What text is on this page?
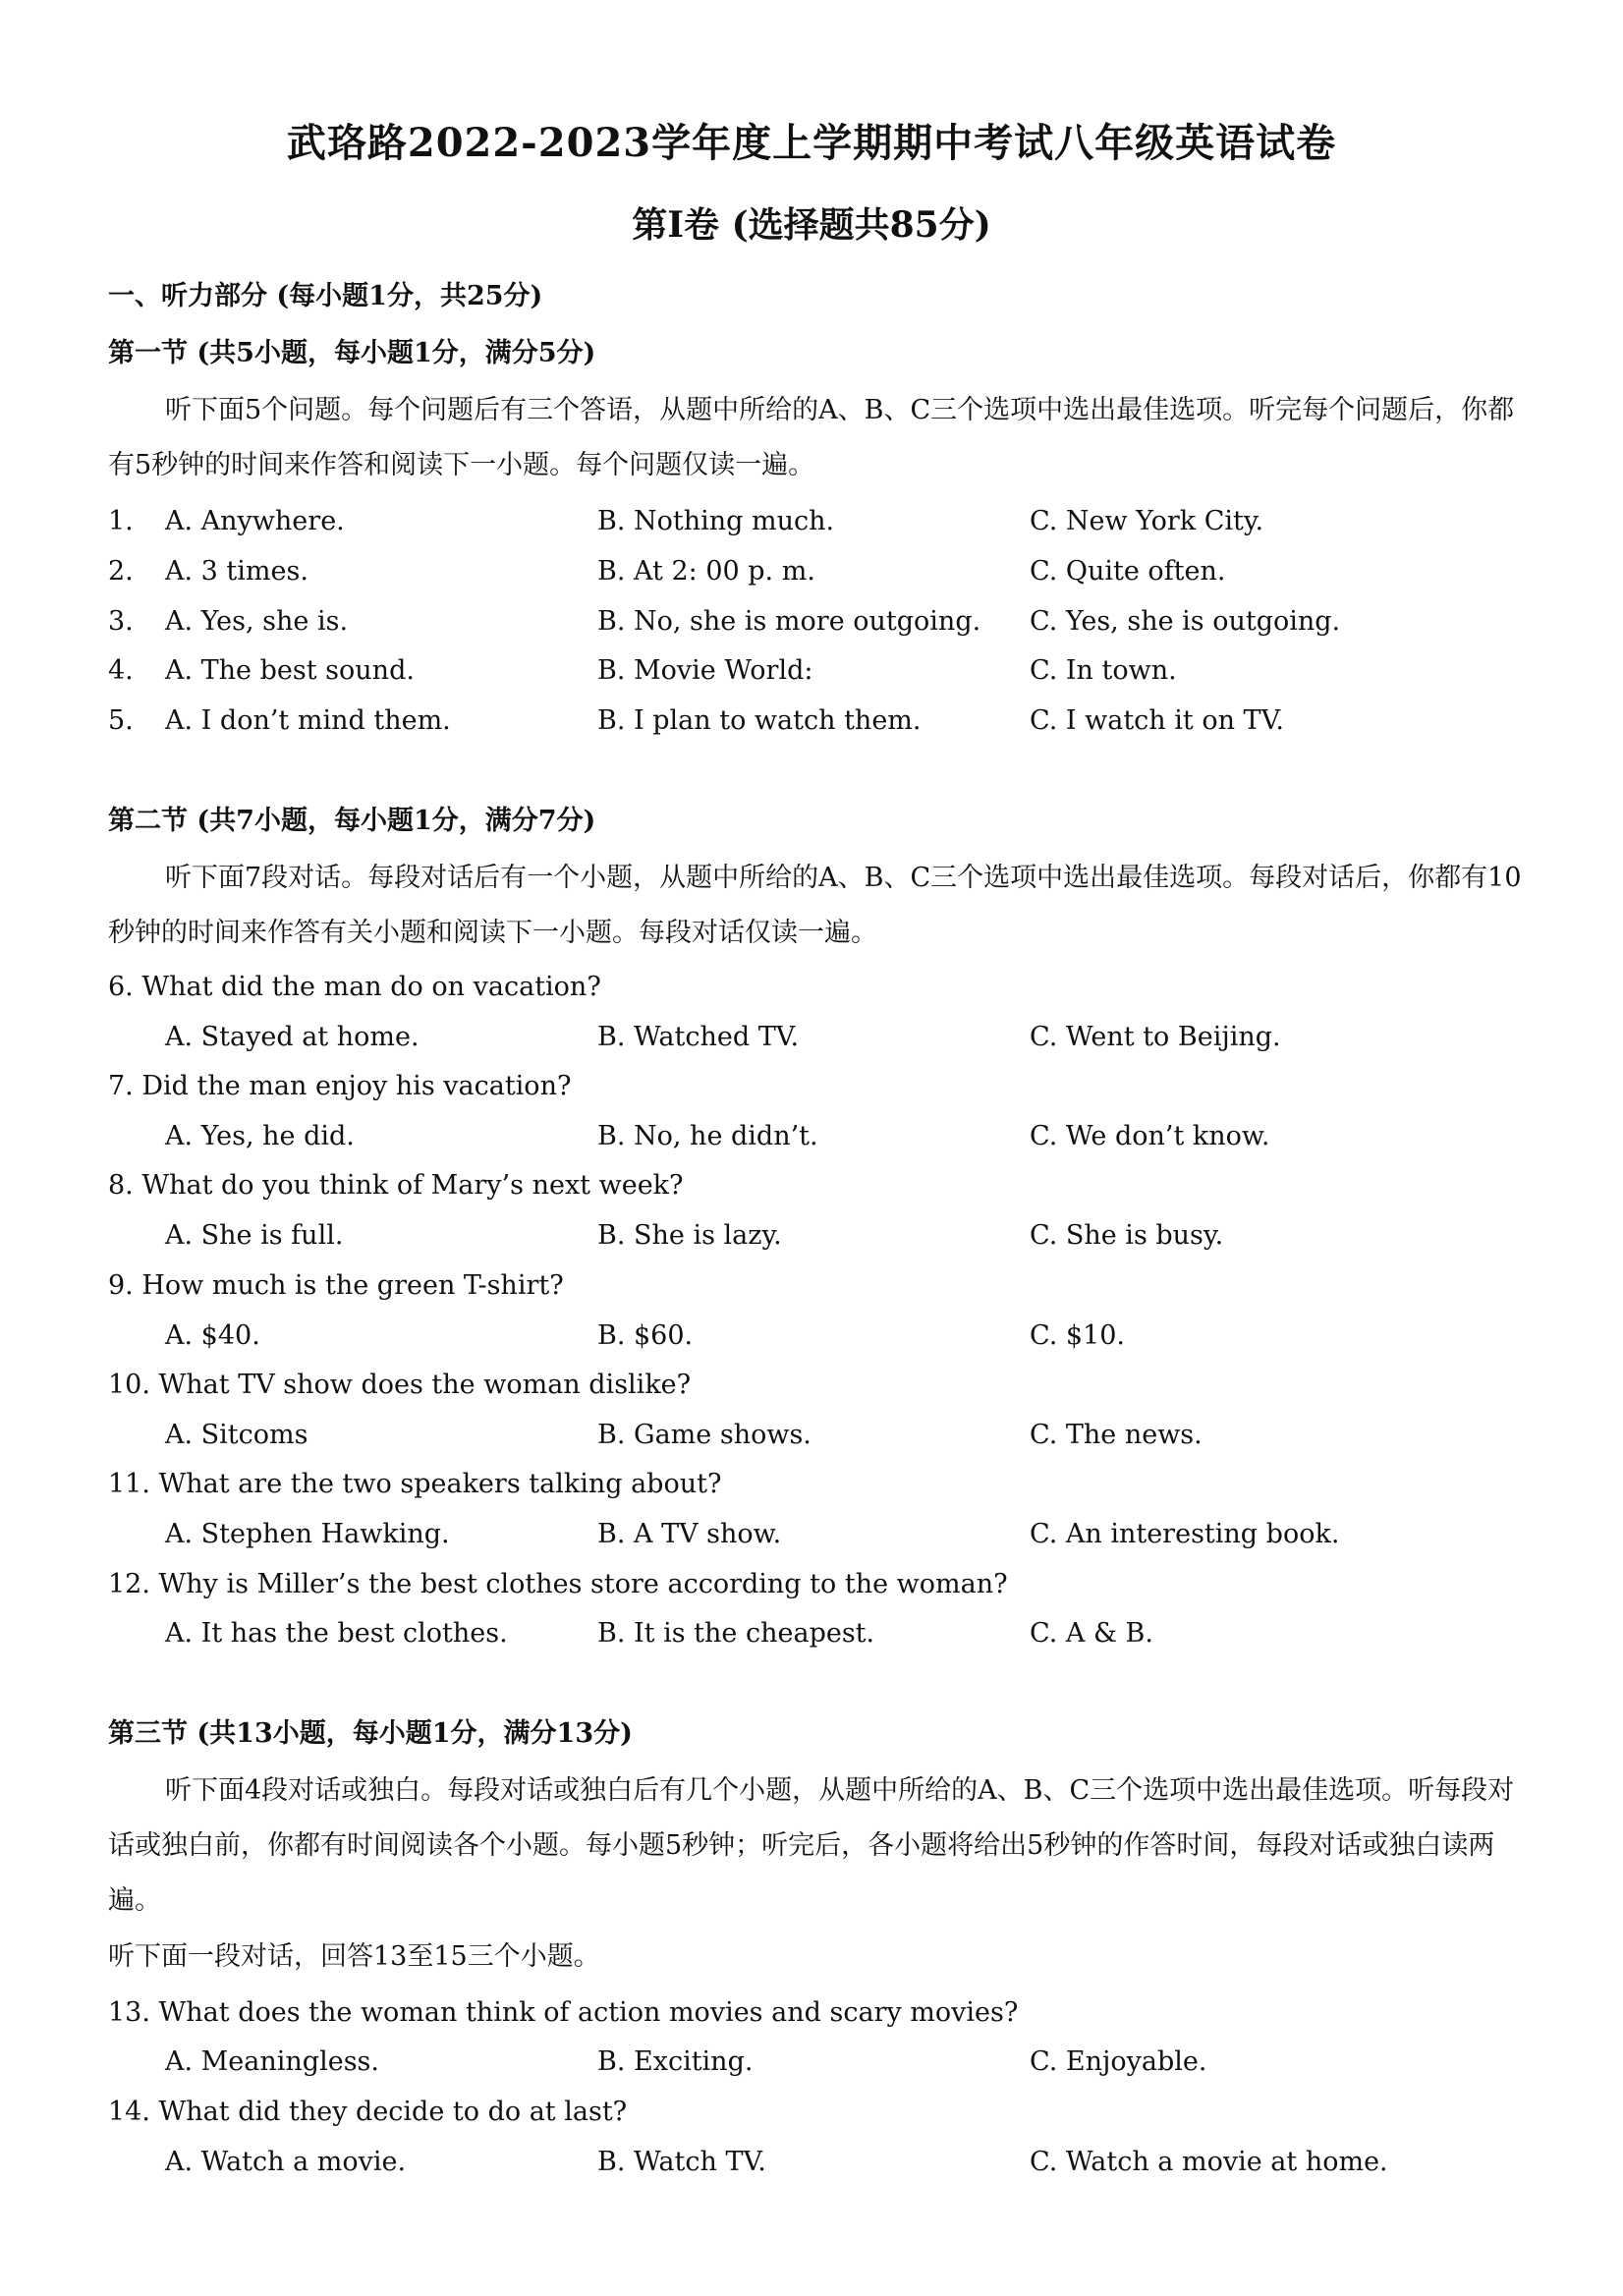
武珞路2022-2023学年度上学期期中考试八年级英语试卷
第I卷 (选择题共85分)
一、听力部分 (每小题1分，共25分)
第一节 (共5小题，每小题1分，满分5分)
听下面5个问题。每个问题后有三个答语，从题中所给的A、B、C三个选项中选出最佳选项。听完每个问题后，你都有5秒钟的时间来作答和阅读下一小题。每个问题仅读一遍。
1. A. Anywhere.	B. Nothing much.	C. New York City.
2. A. 3 times.	B. At 2: 00 p. m.	C. Quite often.
3. A. Yes, she is.	B. No, she is more outgoing. C. Yes, she is outgoing.
4. A. The best sound.	B. Movie World:	C. In town.
5. A. I don’t mind them.	B. I plan to watch them.	C. I watch it on TV.
第二节 (共7小题，每小题1分，满分7分)
听下面7段对话。每段对话后有一个小题，从题中所给的A、B、C三个选项中选出最佳选项。每段对话后，你都有10秒钟的时间来作答有关小题和阅读下一小题。每段对话仅读一遍。
6. What did the man do on vacation?
A. Stayed at home.	B. Watched TV.	C. Went to Beijing.
7. Did the man enjoy his vacation?
A. Yes, he did.	B. No, he didn’t.	C. We don’t know.
8. What do you think of Mary’s next week?
A. She is full.	B. She is lazy.	C. She is busy.
9. How much is the green T-shirt?
A. $40.	B. $60.	C. $10.
10. What TV show does the woman dislike?
A. Sitcoms	B. Game shows.	C. The news.
11. What are the two speakers talking about?
A. Stephen Hawking.	B. A TV show.	C. An interesting book.
12. Why is Miller’s the best clothes store according to the woman?
A. It has the best clothes.	B. It is the cheapest.	C. A & B.
第三节 (共13小题，每小题1分，满分13分)
听下面4段对话或独白。每段对话或独白后有几个小题，从题中所给的A、B、C三个选项中选出最佳选项。听每段对话或独白前，你都有时间阅读各个小题。每小题5秒钟；听完后，各小题将给出5秒钟的作答时间，每段对话或独白读两遍。
听下面一段对话，回答13至15三个小题。
13. What does the woman think of action movies and scary movies?
A. Meaningless.	B. Exciting.	C. Enjoyable.
14. What did they decide to do at last?
A. Watch a movie.	B. Watch TV.	C. Watch a movie at home.
